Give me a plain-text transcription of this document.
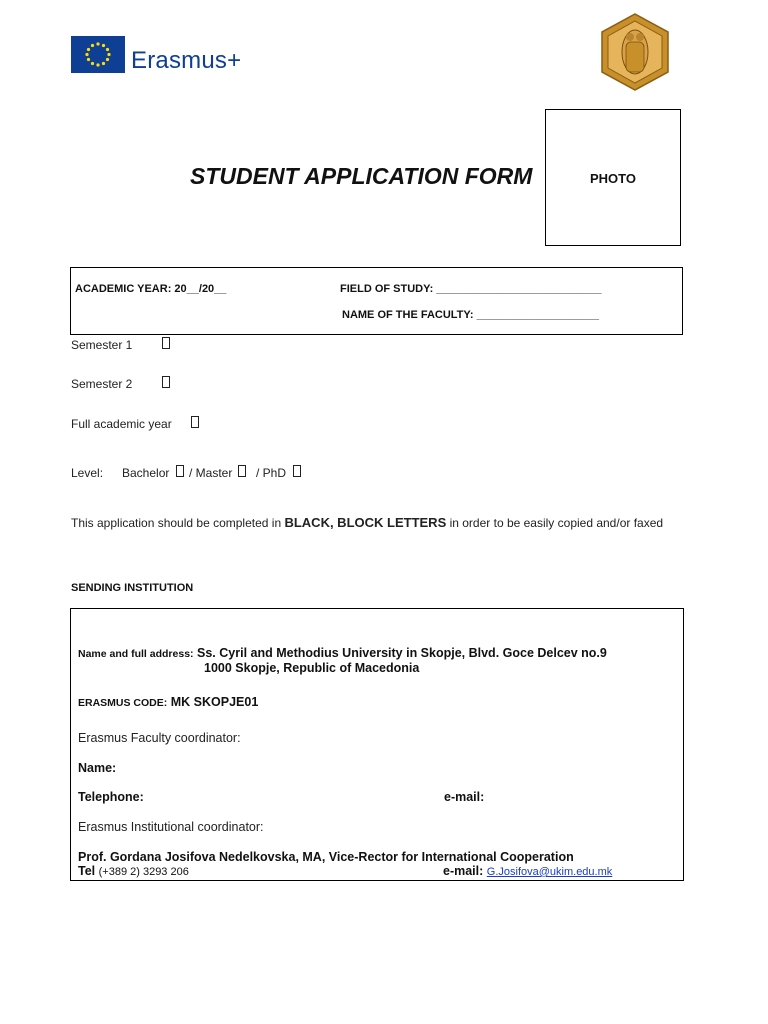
Erasmus+
STUDENT APPLICATION FORM	PHOTO
ACADEMIC YEAR: 20__/20__	FIELD OF STUDY: ___________________________
NAME OF THE FACULTY: ____________________
Semester 1
Semester 2
Full academic year
Level: Bachelor / Master / PhD
This application should be completed in BLACK, BLOCK LETTERS in order to be easily copied and/or faxed
SENDING INSTITUTION
Name and full address: Ss. Cyril and Methodius University in Skopje, Blvd. Goce Delcev no.9
1000 Skopje, Republic of Macedonia
ERASMUS CODE: MK SKOPJE01
Erasmus Faculty coordinator:
Name:
Telephone:	e-mail:
Erasmus Institutional coordinator:
Prof. Gordana Josifova Nedelkovska, MA, Vice-Rector for International Cooperation
Tel (+389 2) 3293 206	e-mail: G.Josifova@ukim.edu.mk
